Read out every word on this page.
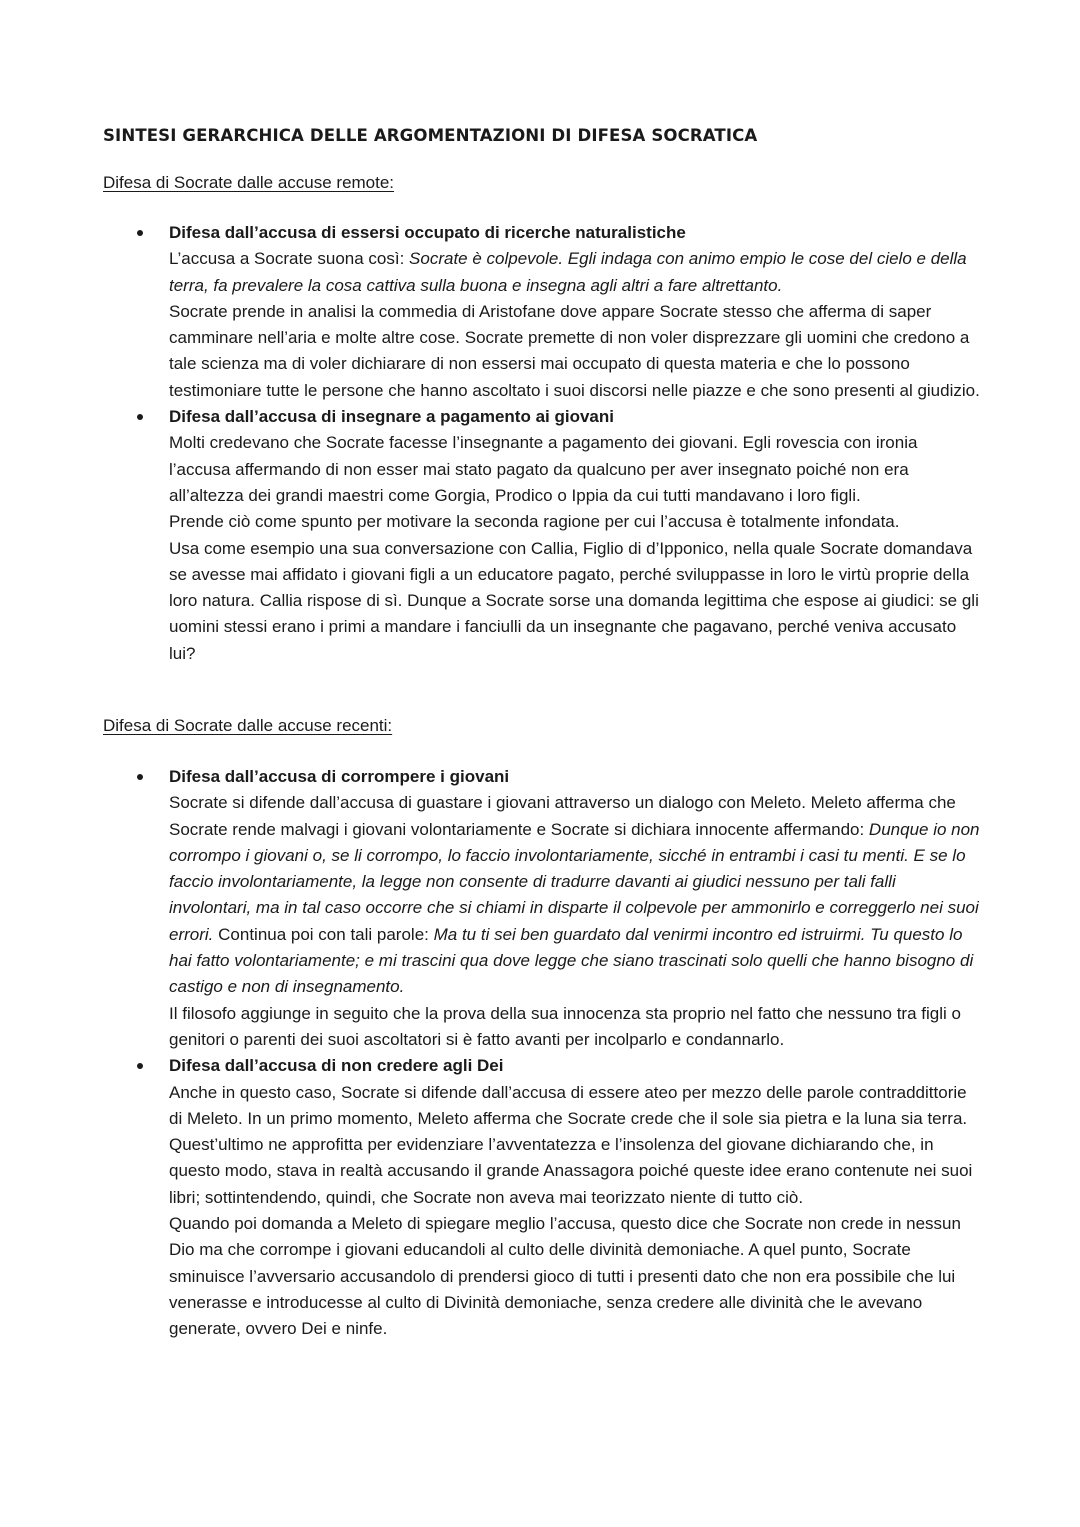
SINTESI GERARCHICA DELLE ARGOMENTAZIONI DI DIFESA SOCRATICA
Difesa di Socrate dalle accuse remote:

Difesa dall’accusa di essersi occupato di ricerche naturalistiche

L’accusa a Socrate suona così: Socrate è colpevole. Egli indaga con animo empio le cose del cielo e della terra, fa prevalere la cosa cattiva sulla buona e insegna agli altri a fare altrettanto.

Socrate prende in analisi la commedia di Aristofane dove appare Socrate stesso che afferma di saper camminare nell’aria e molte altre cose. Socrate premette di non voler disprezzare gli uomini che credono a tale scienza ma di voler dichiarare di non essersi mai occupato di questa materia e che lo possono testimoniare tutte le persone che hanno ascoltato i suoi discorsi nelle piazze e che sono presenti al giudizio.

Difesa dall’accusa di insegnare a pagamento ai giovani

Molti credevano che Socrate facesse l’insegnante a pagamento dei giovani. Egli rovescia con ironia l’accusa affermando di non esser mai stato pagato da qualcuno per aver insegnato poiché non era all’altezza dei grandi maestri come Gorgia, Prodico o Ippia da cui tutti mandavano i loro figli.

Prende ciò come spunto per motivare la seconda ragione per cui l’accusa è totalmente infondata.

Usa come esempio una sua conversazione con Callia, Figlio di d’Ipponico, nella quale Socrate domandava se avesse mai affidato i giovani figli a un educatore pagato, perché sviluppasse in loro le virtù proprie della loro natura. Callia rispose di sì. Dunque a Socrate sorse una domanda legittima che espose ai giudici: se gli uomini stessi erano i primi a mandare i fanciulli da un insegnante che pagavano, perché veniva accusato lui?

Difesa di Socrate dalle accuse recenti:

Difesa dall’accusa di corrompere i giovani

Socrate si difende dall’accusa di guastare i giovani attraverso un dialogo con Meleto. Meleto afferma che Socrate rende malvagi i giovani volontariamente e Socrate si dichiara innocente affermando: Dunque io non corrompo i giovani o, se li corrompo, lo faccio involontariamente, sicché in entrambi i casi tu menti. E se lo faccio involontariamente, la legge non consente di tradurre davanti ai giudici nessuno per tali falli involontari, ma in tal caso occorre che si chiami in disparte il colpevole per ammonirlo e correggerlo nei suoi errori. Continua poi con tali parole: Ma tu ti sei ben guardato dal venirmi incontro ed istruirmi. Tu questo lo hai fatto volontariamente; e mi trascini qua dove legge che siano trascinati solo quelli che hanno bisogno di castigo e non di insegnamento.

Il filosofo aggiunge in seguito che la prova della sua innocenza sta proprio nel fatto che nessuno tra figli o genitori o parenti dei suoi ascoltatori si è fatto avanti per incolparlo e condannarlo.

Difesa dall’accusa di non credere agli Dei

Anche in questo caso, Socrate si difende dall’accusa di essere ateo per mezzo delle parole contraddittorie di Meleto. In un primo momento, Meleto afferma che Socrate crede che il sole sia pietra e la luna sia terra. Quest’ultimo ne approfitta per evidenziare l’avventatezza e l’insolenza del giovane dichiarando che, in questo modo, stava in realtà accusando il grande Anassagora poiché queste idee erano contenute nei suoi libri; sottintendendo, quindi, che Socrate non aveva mai teorizzato niente di tutto ciò.

Quando poi domanda a Meleto di spiegare meglio l’accusa, questo dice che Socrate non crede in nessun Dio ma che corrompe i giovani educandoli al culto delle divinità demoniache. A quel punto, Socrate sminuisce l’avversario accusandolo di prendersi gioco di tutti i presenti dato che non era possibile che lui venerasse e introducesse al culto di Divinità demoniache, senza credere alle divinità che le avevano generate, ovvero Dei e ninfe.
